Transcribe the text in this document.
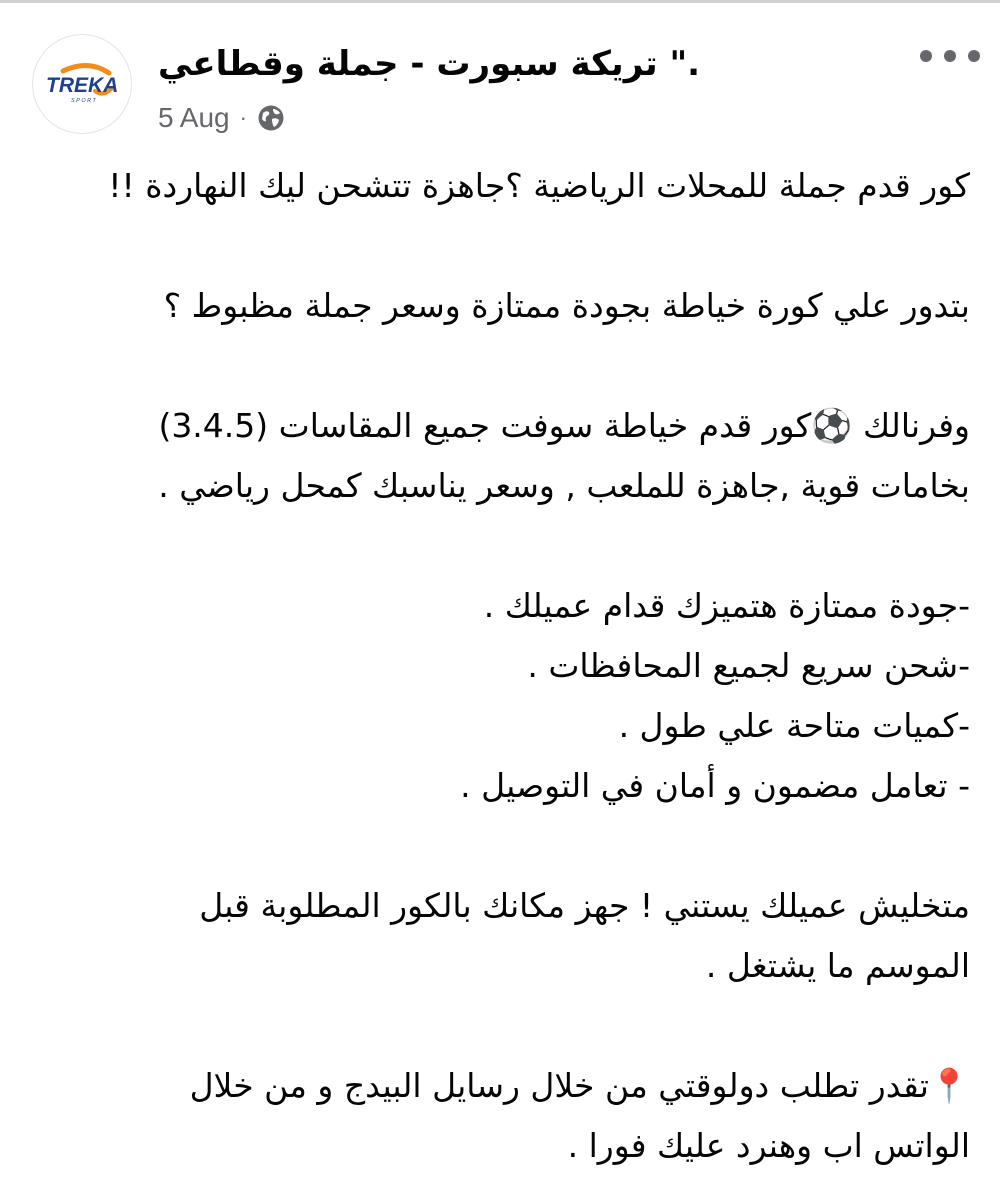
TREKA
SPORT
." تريكة سبورت - جملة وقطاعي
5 Aug ·

كور قدم جملة للمحلات الرياضية ؟جاهزة تتشحن ليك النهاردة !!

بتدور علي كورة خياطة بجودة ممتازة وسعر جملة مظبوط ؟

وفرنالك ⚽كور قدم خياطة سوفت جميع المقاسات (3.4.5)

بخامات قوية ,جاهزة للملعب , وسعر يناسبك كمحل رياضي .

-جودة ممتازة هتميزك قدام عميلك .

-شحن سريع لجميع المحافظات .

-كميات متاحة علي طول .

- تعامل مضمون و أمان في التوصيل .

متخليش عميلك يستني ! جهز مكانك بالكور المطلوبة قبل

الموسم ما يشتغل .

📍تقدر تطلب دولوقتي من خلال رسايل البيدج و من خلال

الواتس اب وهنرد عليك فورا .
